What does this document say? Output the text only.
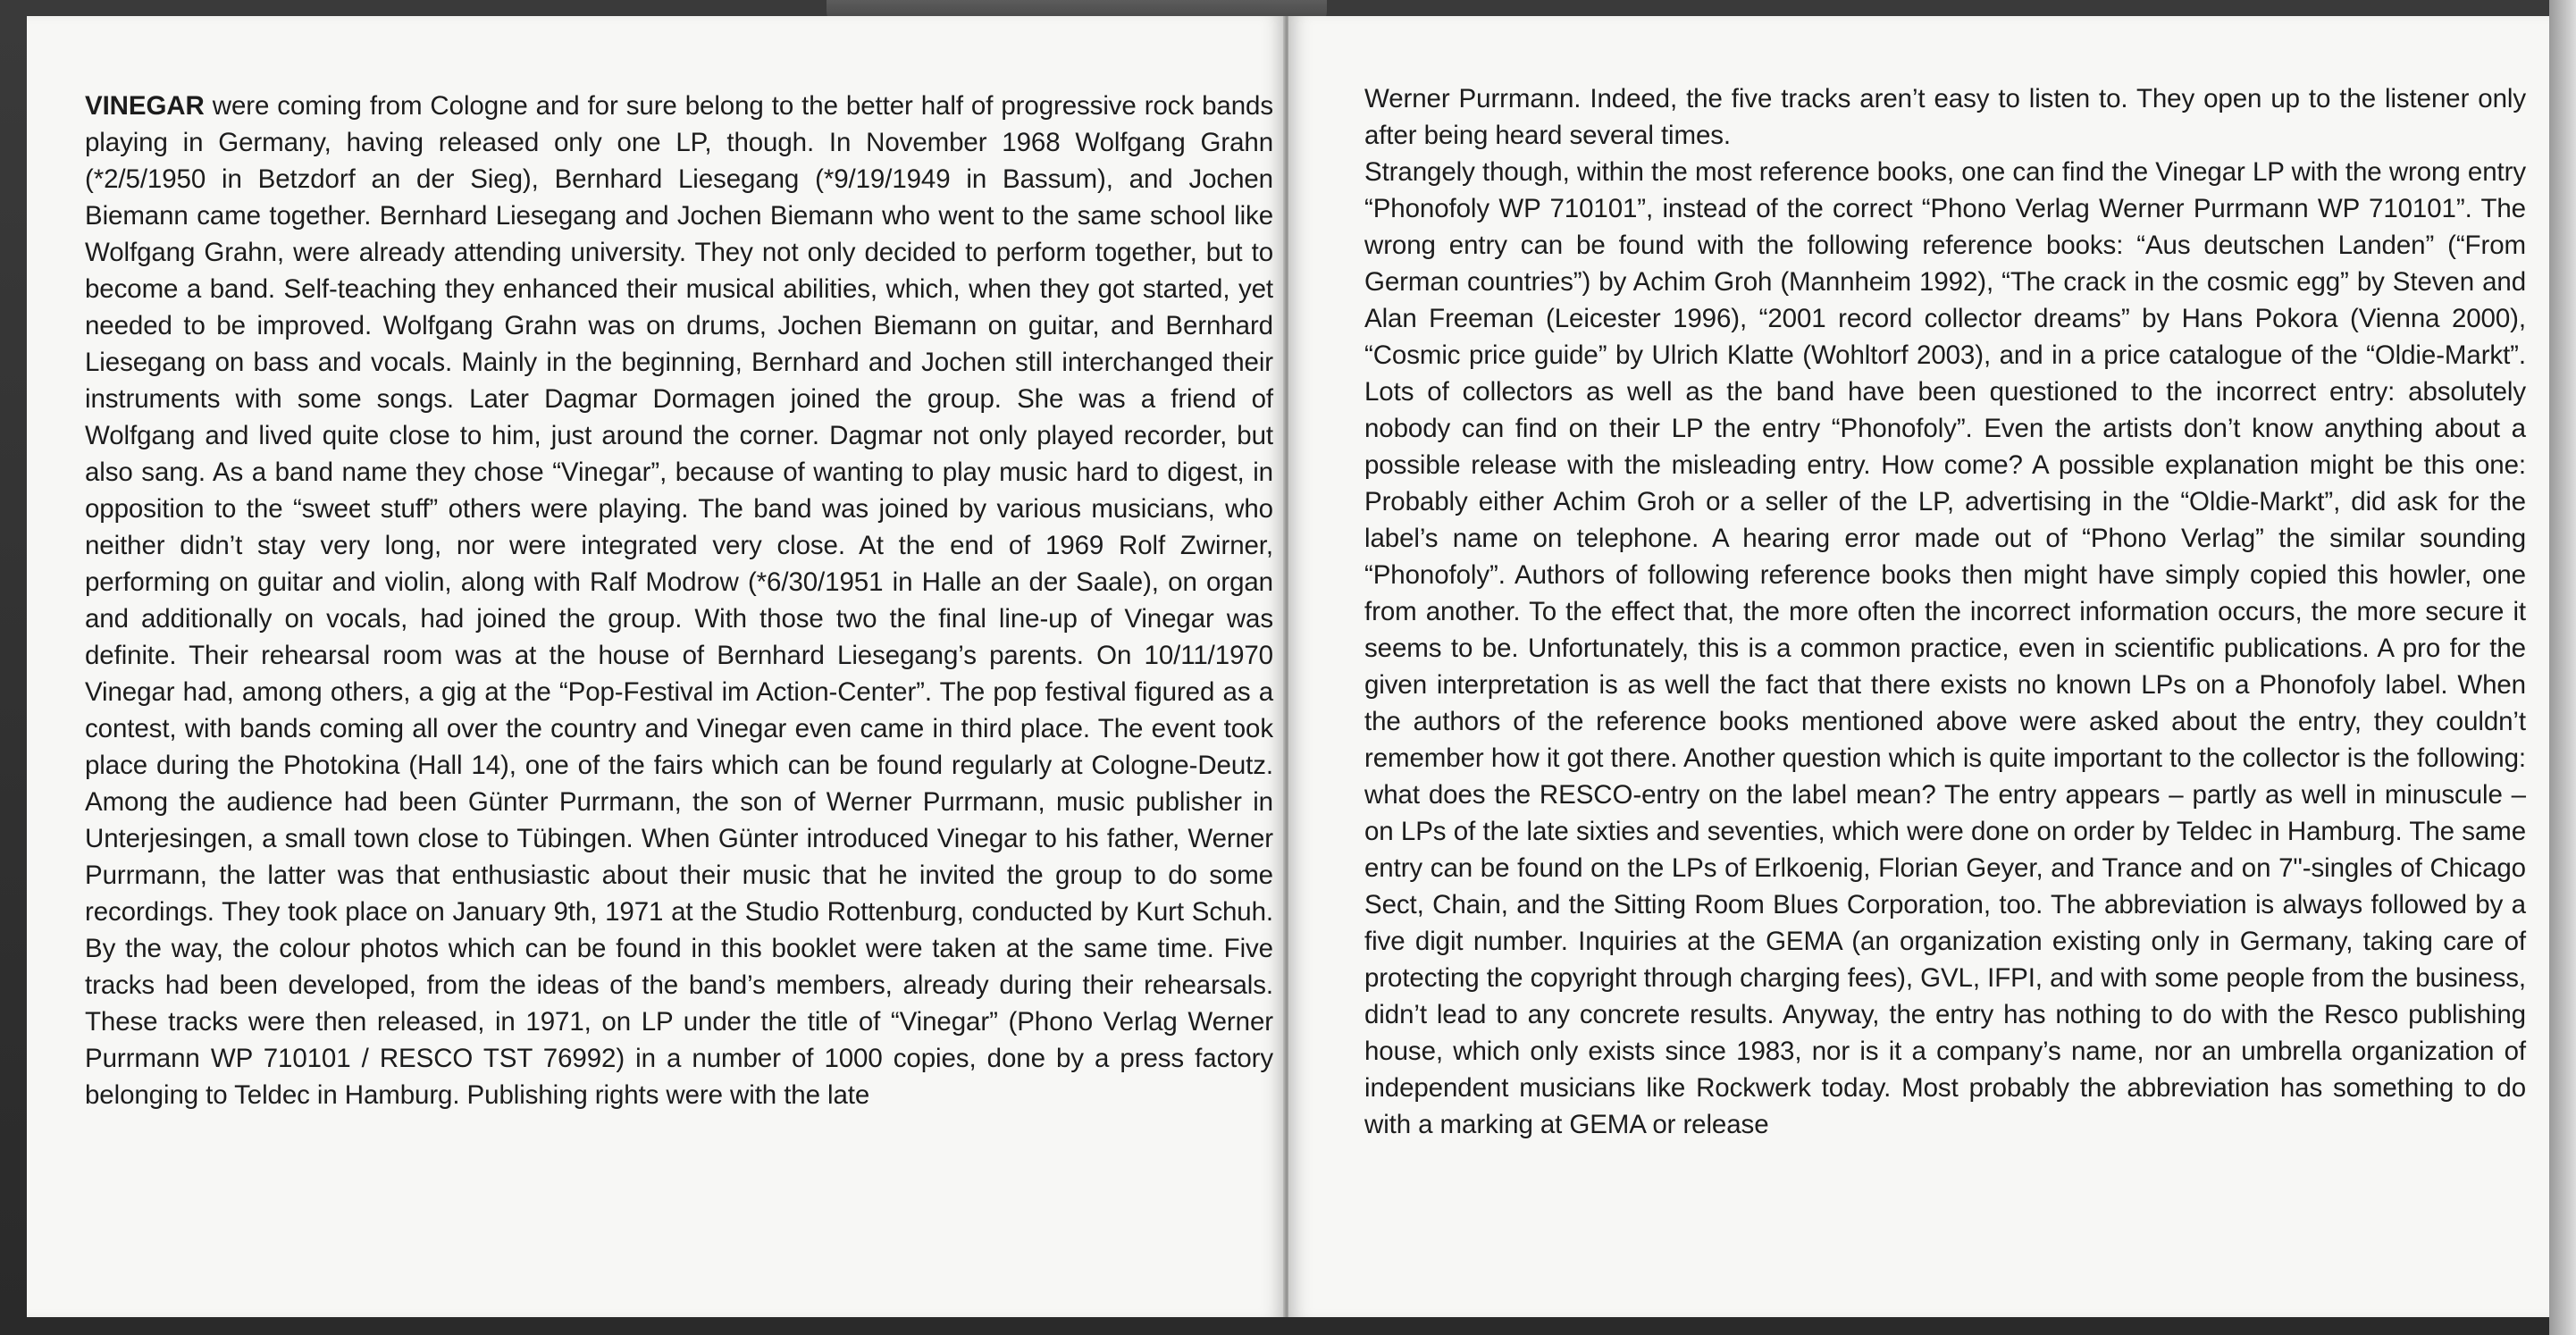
VINEGAR were coming from Cologne and for sure belong to the better half of progressive rock bands playing in Germany, having released only one LP, though. In November 1968 Wolfgang Grahn (*2/5/1950 in Betzdorf an der Sieg), Bernhard Liesegang (*9/19/1949 in Bassum), and Jochen Biemann came together. Bernhard Liesegang and Jochen Biemann who went to the same school like Wolfgang Grahn, were already attending university. They not only decided to perform together, but to become a band. Self-teaching they enhanced their musical abilities, which, when they got started, yet needed to be improved. Wolfgang Grahn was on drums, Jochen Biemann on guitar, and Bernhard Liesegang on bass and vocals. Mainly in the beginning, Bernhard and Jochen still interchanged their instruments with some songs. Later Dagmar Dormagen joined the group. She was a friend of Wolfgang and lived quite close to him, just around the corner. Dagmar not only played recorder, but also sang. As a band name they chose “Vinegar”, because of wanting to play music hard to digest, in opposition to the “sweet stuff” others were playing. The band was joined by various musicians, who neither didn’t stay very long, nor were integrated very close. At the end of 1969 Rolf Zwirner, performing on guitar and violin, along with Ralf Modrow (*6/30/1951 in Halle an der Saale), on organ and additionally on vocals, had joined the group. With those two the final line-up of Vinegar was definite. Their rehearsal room was at the house of Bernhard Liesegang’s parents. On 10/11/1970 Vinegar had, among others, a gig at the “Pop-Festival im Action-Center”. The pop festival figured as a contest, with bands coming all over the country and Vinegar even came in third place. The event took place during the Photokina (Hall 14), one of the fairs which can be found regularly at Cologne-Deutz. Among the audience had been Günter Purrmann, the son of Werner Purrmann, music publisher in Unterjesingen, a small town close to Tübingen. When Günter introduced Vinegar to his father, Werner Purrmann, the latter was that enthusiastic about their music that he invited the group to do some recordings. They took place on January 9th, 1971 at the Studio Rottenburg, conducted by Kurt Schuh. By the way, the colour photos which can be found in this booklet were taken at the same time. Five tracks had been developed, from the ideas of the band’s members, already during their rehearsals. These tracks were then released, in 1971, on LP under the title of “Vinegar” (Phono Verlag Werner Purrmann WP 710101 / RESCO TST 76992) in a number of 1000 copies, done by a press factory belonging to Teldec in Hamburg. Publishing rights were with the late

Werner Purrmann. Indeed, the five tracks aren’t easy to listen to. They open up to the listener only after being heard several times.

Strangely though, within the most reference books, one can find the Vinegar LP with the wrong entry “Phonofoly WP 710101”, instead of the correct “Phono Verlag Werner Purrmann WP 710101”. The wrong entry can be found with the following reference books: “Aus deutschen Landen” (“From German countries”) by Achim Groh (Mannheim 1992), “The crack in the cosmic egg” by Steven and Alan Freeman (Leicester 1996), “2001 record collector dreams” by Hans Pokora (Vienna 2000), “Cosmic price guide” by Ulrich Klatte (Wohltorf 2003), and in a price catalogue of the “Oldie-Markt”. Lots of collectors as well as the band have been questioned to the incorrect entry: absolutely nobody can find on their LP the entry “Phonofoly”. Even the artists don’t know anything about a possible release with the misleading entry. How come? A possible explanation might be this one: Probably either Achim Groh or a seller of the LP, advertising in the “Oldie-Markt”, did ask for the label’s name on telephone. A hearing error made out of “Phono Verlag” the similar sounding “Phonofoly”. Authors of following reference books then might have simply copied this howler, one from another. To the effect that, the more often the incorrect information occurs, the more secure it seems to be. Unfortunately, this is a common practice, even in scientific publications. A pro for the given interpretation is as well the fact that there exists no known LPs on a Phonofoly label. When the authors of the reference books mentioned above were asked about the entry, they couldn’t remember how it got there. Another question which is quite important to the collector is the following: what does the RESCO-entry on the label mean? The entry appears – partly as well in minuscule – on LPs of the late sixties and seventies, which were done on order by Teldec in Hamburg. The same entry can be found on the LPs of Erlkoenig, Florian Geyer, and Trance and on 7"-singles of Chicago Sect, Chain, and the Sitting Room Blues Corporation, too. The abbreviation is always followed by a five digit number. Inquiries at the GEMA (an organization existing only in Germany, taking care of protecting the copyright through charging fees), GVL, IFPI, and with some people from the business, didn’t lead to any concrete results. Anyway, the entry has nothing to do with the Resco publishing house, which only exists since 1983, nor is it a company’s name, nor an umbrella organization of independent musicians like Rockwerk today. Most probably the abbreviation has something to do with a marking at GEMA or release
